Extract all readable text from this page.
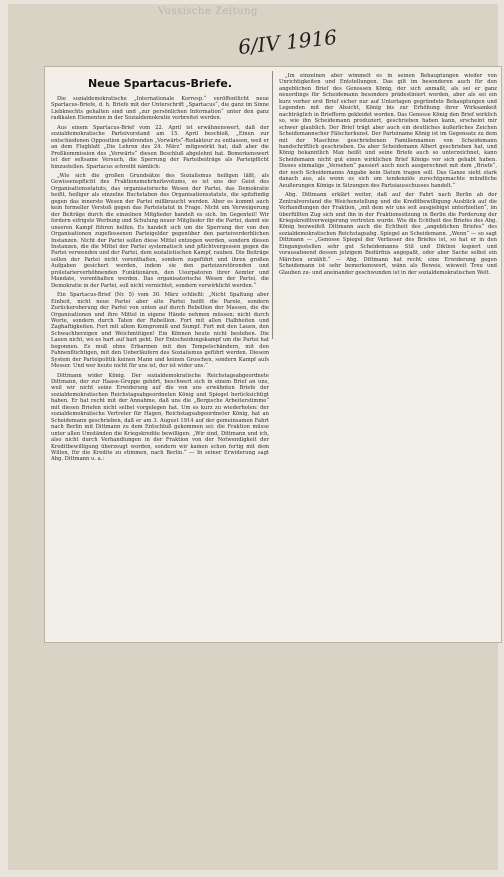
Vossische Zeitung
6/IV 1916
Neue Spartacus-Briefe.

Die sozialdemokratische „Internationale Korresp.“ veröffentlicht neue Spartacus-Briefe, d. h. Briefe mit der Unterschrift „Spartacus“, die ganz im Sinne Liebknechts gehalten sind und „zur persönlichen Information“ unter den ganz radikalen Elementen in der Sozialdemokratie verbreitet werden.

Aus einem Spartacus-Brief vom 22. April ist erwähnenswert, daß der sozialdemokratische Parteivorstand am 15. April beschloß, „Einen zur entschiedenen Opposition gehörenden „Vorwärts“-Redakteur zu entlassen, weil er an dem Flugblatt „Die Lehren des 24. März“ mitgewirkt hat, daß aber die Preßkommission des „Vorwärts“ diesen Beschluß abgelehnt hat. Bemerkenswert ist der seltsame Versuch, die Sperrung der Parteibeiträge als Parteipflicht hinzustellen. Spartacus schreibt nämlich:

„Wie sich die großen Grundsätze des Sozialismus heiligen läßt, als Gewissenspflicht des Fraktionsmehrheitsvotums, so ist uns der Geist des Organisationsstatuts, das organisatorische Wesen der Partei, das Demokratie heißt, heiliger als einzelne Buchstaben des Organisationsstatuts, die spitzfindig gegen das innerste Wesen der Partei mißbraucht werden. Aber es kommt auch kein formeller Verstoß gegen das Parteistatut in Frage. Nicht um Verweigerung der Beiträge durch die einzelnen Mitglieder handelt es sich. Im Gegenteil! Wir fordern eifrigste Werbung und Schulung neuer Mitglieder für die Partei, damit sie unseren Kampf führen helfen. Es handelt sich um die Sperrung der von den Organisationen zugeflossenen Parteigelder gegenüber den parteiverderblichen Instanzen. Nicht der Partei sollen diese Mittel entzogen werden, sondern diesen Instanzen, die die Mittel der Partei systematisch und pflichtvergessen gegen die Partei verwenden und der Partei, dem sozialistischen Kampf, rauben. Die Beiträge sollen der Partei nicht vorenthalten, sondern zugeführt und ihren großen Aufgaben gesichert werden, indem sie den parteizerstörenden und proletarierverhöhnenden Funktionären, den Usurpatoren ihrer Aemter und Mandate, vorenthalten werden. Das organisatorische Wesen der Partei, die Demokratie in der Partei, soll nicht vernichtet, sondern verwirklicht werden.“

Ein Spartacus-Brief (Nr. 5) vom 30. März schließt: „Nicht Spaltung aber Einheit, nicht neue Partei aber alte Partei heißt die Parole, sondern Zurückeroberung der Partei von unten auf durch Rebellion der Massen, die die Organisationen und ihre Mittel in eigene Hände nehmen müssen; nicht durch Worte, sondern durch Taten der Rebellion. Fort mit allen Halbheiten und Zaghaftigkeiten. Fort mit allem Kompromiß und Sumpf. Fort mit den Lauen, den Schwachherzigen und Weichmütigen! Ein Können heute nicht bestehen. Die Lauen nicht, wo es hart auf hart geht. Der Entscheidungskampf um die Partei hat begonnen. Es muß ohne Erbarmen mit den Tempelschändern, mit den Fahnenflüchtigen, mit den Ueberläufern des Sozialismus geführt werden. Diesem System der Parteipolitik keinen Mann und keinen Groschen, sondern Kampf aufs Messer. Und wer heute nicht für uns ist, der ist wider uns.“

Dittmann wider König. Der sozialdemokratische Reichstagsabgeordnete Dittmann, der zur Haase-Gruppe gehört, beschwert sich in einem Brief an uns, weil wir nicht seine Erwiderung auf die von uns erwähnten Briefe der sozialdemokratischen Reichstagsabgeordneten König und Spiegel berücksichtigt haben. Er hat recht mit der Annahme, daß uns die „Bergische Arbeiterstimme“ mit diesen Briefen nicht selbst vorgelegen hat. Um es kurz zu wiederholen: der sozialdemokratische Vertreter für Hagen, Reichstagsabgeordneter König, hat an Scheidemann geschrieben, daß er am 3. August 1914 auf der gemeinsamen Fahrt nach Berlin mit Dittmann zu dem Entschluß gekommen sei: die Fraktion müsse unter allen Umständen die Kriegskredite bewilligen. „Wir sind, Dittmann und ich, also nicht durch Verhandlungen in der Fraktion von der Notwendigkeit der Kreditbewilligung überzeugt worden, sondern wir kamen schon fertig mit dem Willen, für die Kredite zu stimmen, nach Berlin.“ — In seiner Erwiderung sagt Abg. Dittmann u. a.:

„Im einzelnen aber wimmelt es in seinen Behauptungen wieder von Unrichtigkeiten und Entstellungen. Das gilt im besonderen auch für den angeblichen Brief des Genossen König, der sich anmaßt, als sei er ganz neuerdings für Scheidemann besonders prädestiniert worden, aber als sei ein kurz vorher erst Brief sicher nur auf Unterlagen gegründete Behauptungen und Legenden mit der Absicht, König bis zur Erhöhung ihrer Wirksamkeit nachträglich in Briefform gekleidet worden. Das Genosse König den Brief wirklich so, wie ihn Scheidemann produziert, geschrieben haben kann, erscheint mir schwer glaublich. Der Brief trägt aber auch ein deutliches äußerliches Zeichen Scheidemannscher Fälscherkunst. Der Parteiname König ist im Gegensatz zu dem mit der Maschine geschriebenen Familiennamen von Scheidemann handschriftlich geschrieben. Da aber Scheidemann Albert geschrieben hat, und König bekanntlich Max heißt und seine Briefe auch so unterzeichnet, kann Scheidemann nicht gut einen wirklichen Brief Königs vor sich gehabt haben. Dieses einmalige „Versehen“ passiert auch noch ausgerechnet mit dem „Briefe“, der noch Scheidemanns Angabe kein Datum tragen soll. Das Ganze sieht stark danach aus, als wenn es sich um tendenziös zurechtgemachte mündliche Aeußerungen Königs in Sitzungen des Parteiausschusses handelt.“

Abg. Dittmann erklärt weiter, daß auf der Fahrt nach Berlin ab der Zentralvorstand die Weichenstellung und die Kreditbewilligung Ausblick auf die Verhandlungen der Fraktion, „mit dem wir uns seit ausgiebigst unterhielten“, im überfüllten Zug sich und ihn in der Fraktionssitzung in Berlin die Forderung der Kriegskreditverweigerung vertreten wurde. Wie die Echtheit des Briefes des Abg. König bezweifelt Dittmann auch die Echtheit des „angeblichen Briefes“ des sozialdemokratischen Reichstagsabg. Spiegel an Scheidemann. „Wenn“ — so sagt Dittmann — „Genosse Spiegel der Verfasser des Briefes ist, so hat er in den Eingangsstellen sehr gut Scheidemanns Stil und Diktion kopiert und vorausahnend dessen jetzigem Bedürfnis angepaßt, oder aber Sache selbst ein Märchen erzählt.“ — Abg. Dittmann hat recht; eine Erwiderung gegen Scheidemann ist sehr bemerkenswert, wänn als Beweis, wieweit Treu und Glauben zu- und aneinander geschwunden ist in der sozialdemokratischen Welt.
